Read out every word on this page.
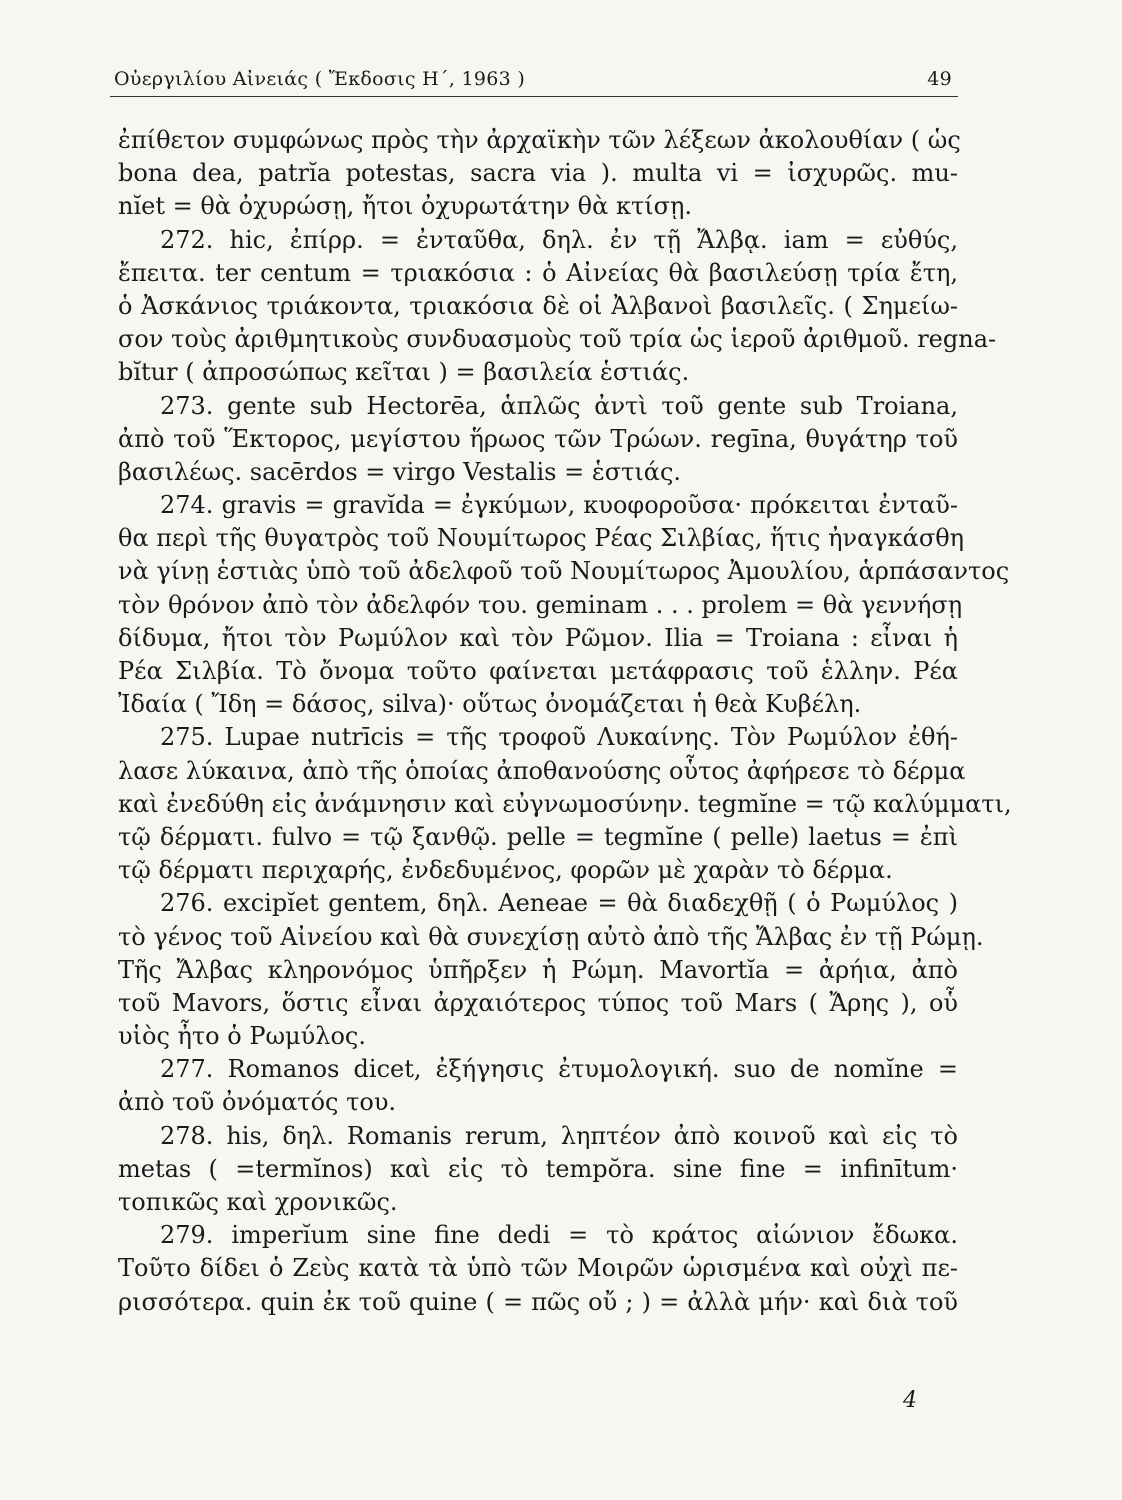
Οὐεργιλίου Αἰνειάς ( Ἔκδοσις Η΄, 1963 )	49
ἐπίθετον συμφώνως πρὸς τὴν ἀρχαϊκὴν τῶν λέξεων ἀκολουθίαν ( ὡς
bona dea, patrĭa potestas, sacra via ). multa vi = ἰσχυρῶς. mu-
nĭet = θὰ ὀχυρώσῃ, ἤτοι ὀχυρωτάτην θὰ κτίσῃ.
272. hic, ἐπίρρ. = ἐνταῦθα, δηλ. ἐν τῇ Ἄλβᾳ. iam = εὐθύς,
ἔπειτα. ter centum = τριακόσια : ὁ Αἰνείας θὰ βασιλεύσῃ τρία ἔτη,
ὁ Ἀσκάνιος τριάκοντα, τριακόσια δὲ οἱ Ἀλβανοὶ βασιλεῖς. ( Σημείω-
σον τοὺς ἀριθμητικοὺς συνδυασμοὺς τοῦ τρία ὡς ἱεροῦ ἀριθμοῦ. regna-
bĭtur ( ἀπροσώπως κεῖται ) = βασιλεία ἑστιάς.
273. gente sub Hectorēa, ἁπλῶς ἀντὶ τοῦ gente sub Troiana,
ἀπὸ τοῦ Ἕκτορος, μεγίστου ἥρωος τῶν Τρώων. regīna, θυγάτηρ τοῦ
βασιλέως. sacērdos = virgo Vestalis = ἑστιάς.
274. gravis = gravĭda = ἐγκύμων, κυοφοροῦσα· πρόκειται ἐνταῦ-
θα περὶ τῆς θυγατρὸς τοῦ Νουμίτωρος Ρέας Σιλβίας, ἥτις ἠναγκάσθη
νὰ γίνῃ ἑστιὰς ὑπὸ τοῦ ἀδελφοῦ τοῦ Νουμίτωρος Ἀμουλίου, ἁρπάσαντος
τὸν θρόνον ἀπὸ τὸν ἀδελφόν του. geminam . . . prolem = θὰ γεννήσῃ
δίδυμα, ἤτοι τὸν Ρωμύλον καὶ τὸν Ρῶμον. Ilia = Troiana : εἶναι ἡ
Ρέα Σιλβία. Τὸ ὄνομα τοῦτο φαίνεται μετάφρασις τοῦ ἑλλην. Ρέα
Ἰδαία ( Ἴδη = δάσος, silva)· οὕτως ὀνομάζεται ἡ θεὰ Κυβέλη.
275. Lupae nutrīcis = τῆς τροφοῦ Λυκαίνης. Τὸν Ρωμύλον ἐθή-
λασε λύκαινα, ἀπὸ τῆς ὁποίας ἀποθανούσης οὗτος ἀφήρεσε τὸ δέρμα
καὶ ἐνεδύθη εἰς ἀνάμνησιν καὶ εὐγνωμοσύνην. tegmĭne = τῷ καλύμματι,
τῷ δέρματι. fulvo = τῷ ξανθῷ. pelle = tegmĭne ( pelle) laetus = ἐπὶ
τῷ δέρματι περιχαρής, ἐνδεδυμένος, φορῶν μὲ χαρὰν τὸ δέρμα.
276. excipĭet gentem, δηλ. Aeneae = θὰ διαδεχθῇ ( ὁ Ρωμύλος )
τὸ γένος τοῦ Αἰνείου καὶ θὰ συνεχίσῃ αὐτὸ ἀπὸ τῆς Ἄλβας ἐν τῇ Ρώμῃ.
Τῆς Ἄλβας κληρονόμος ὑπῆρξεν ἡ Ρώμη. Mavortĭa = ἀρήια, ἀπὸ
τοῦ Mavors, ὅστις εἶναι ἀρχαιότερος τύπος τοῦ Mars ( Ἄρης ), οὗ
υἱὸς ἦτο ὁ Ρωμύλος.
277. Romanos dicet, ἐξήγησις ἐτυμολογική. suo de nomĭne =
ἀπὸ τοῦ ὀνόματός του.
278. his, δηλ. Romanis rerum, ληπτέον ἀπὸ κοινοῦ καὶ εἰς τὸ
metas ( =termĭnos) καὶ εἰς τὸ tempŏra. sine fine = infinītum·
τοπικῶς καὶ χρονικῶς.
279. imperĭum sine fine dedi = τὸ κράτος αἰώνιον ἔδωκα.
Τοῦτο δίδει ὁ Ζεὺς κατὰ τὰ ὑπὸ τῶν Μοιρῶν ὡρισμένα καὶ οὐχὶ πε-
ρισσότερα. quin ἐκ τοῦ quine ( = πῶς οὔ ; ) = ἀλλὰ μήν· καὶ διὰ τοῦ
4
